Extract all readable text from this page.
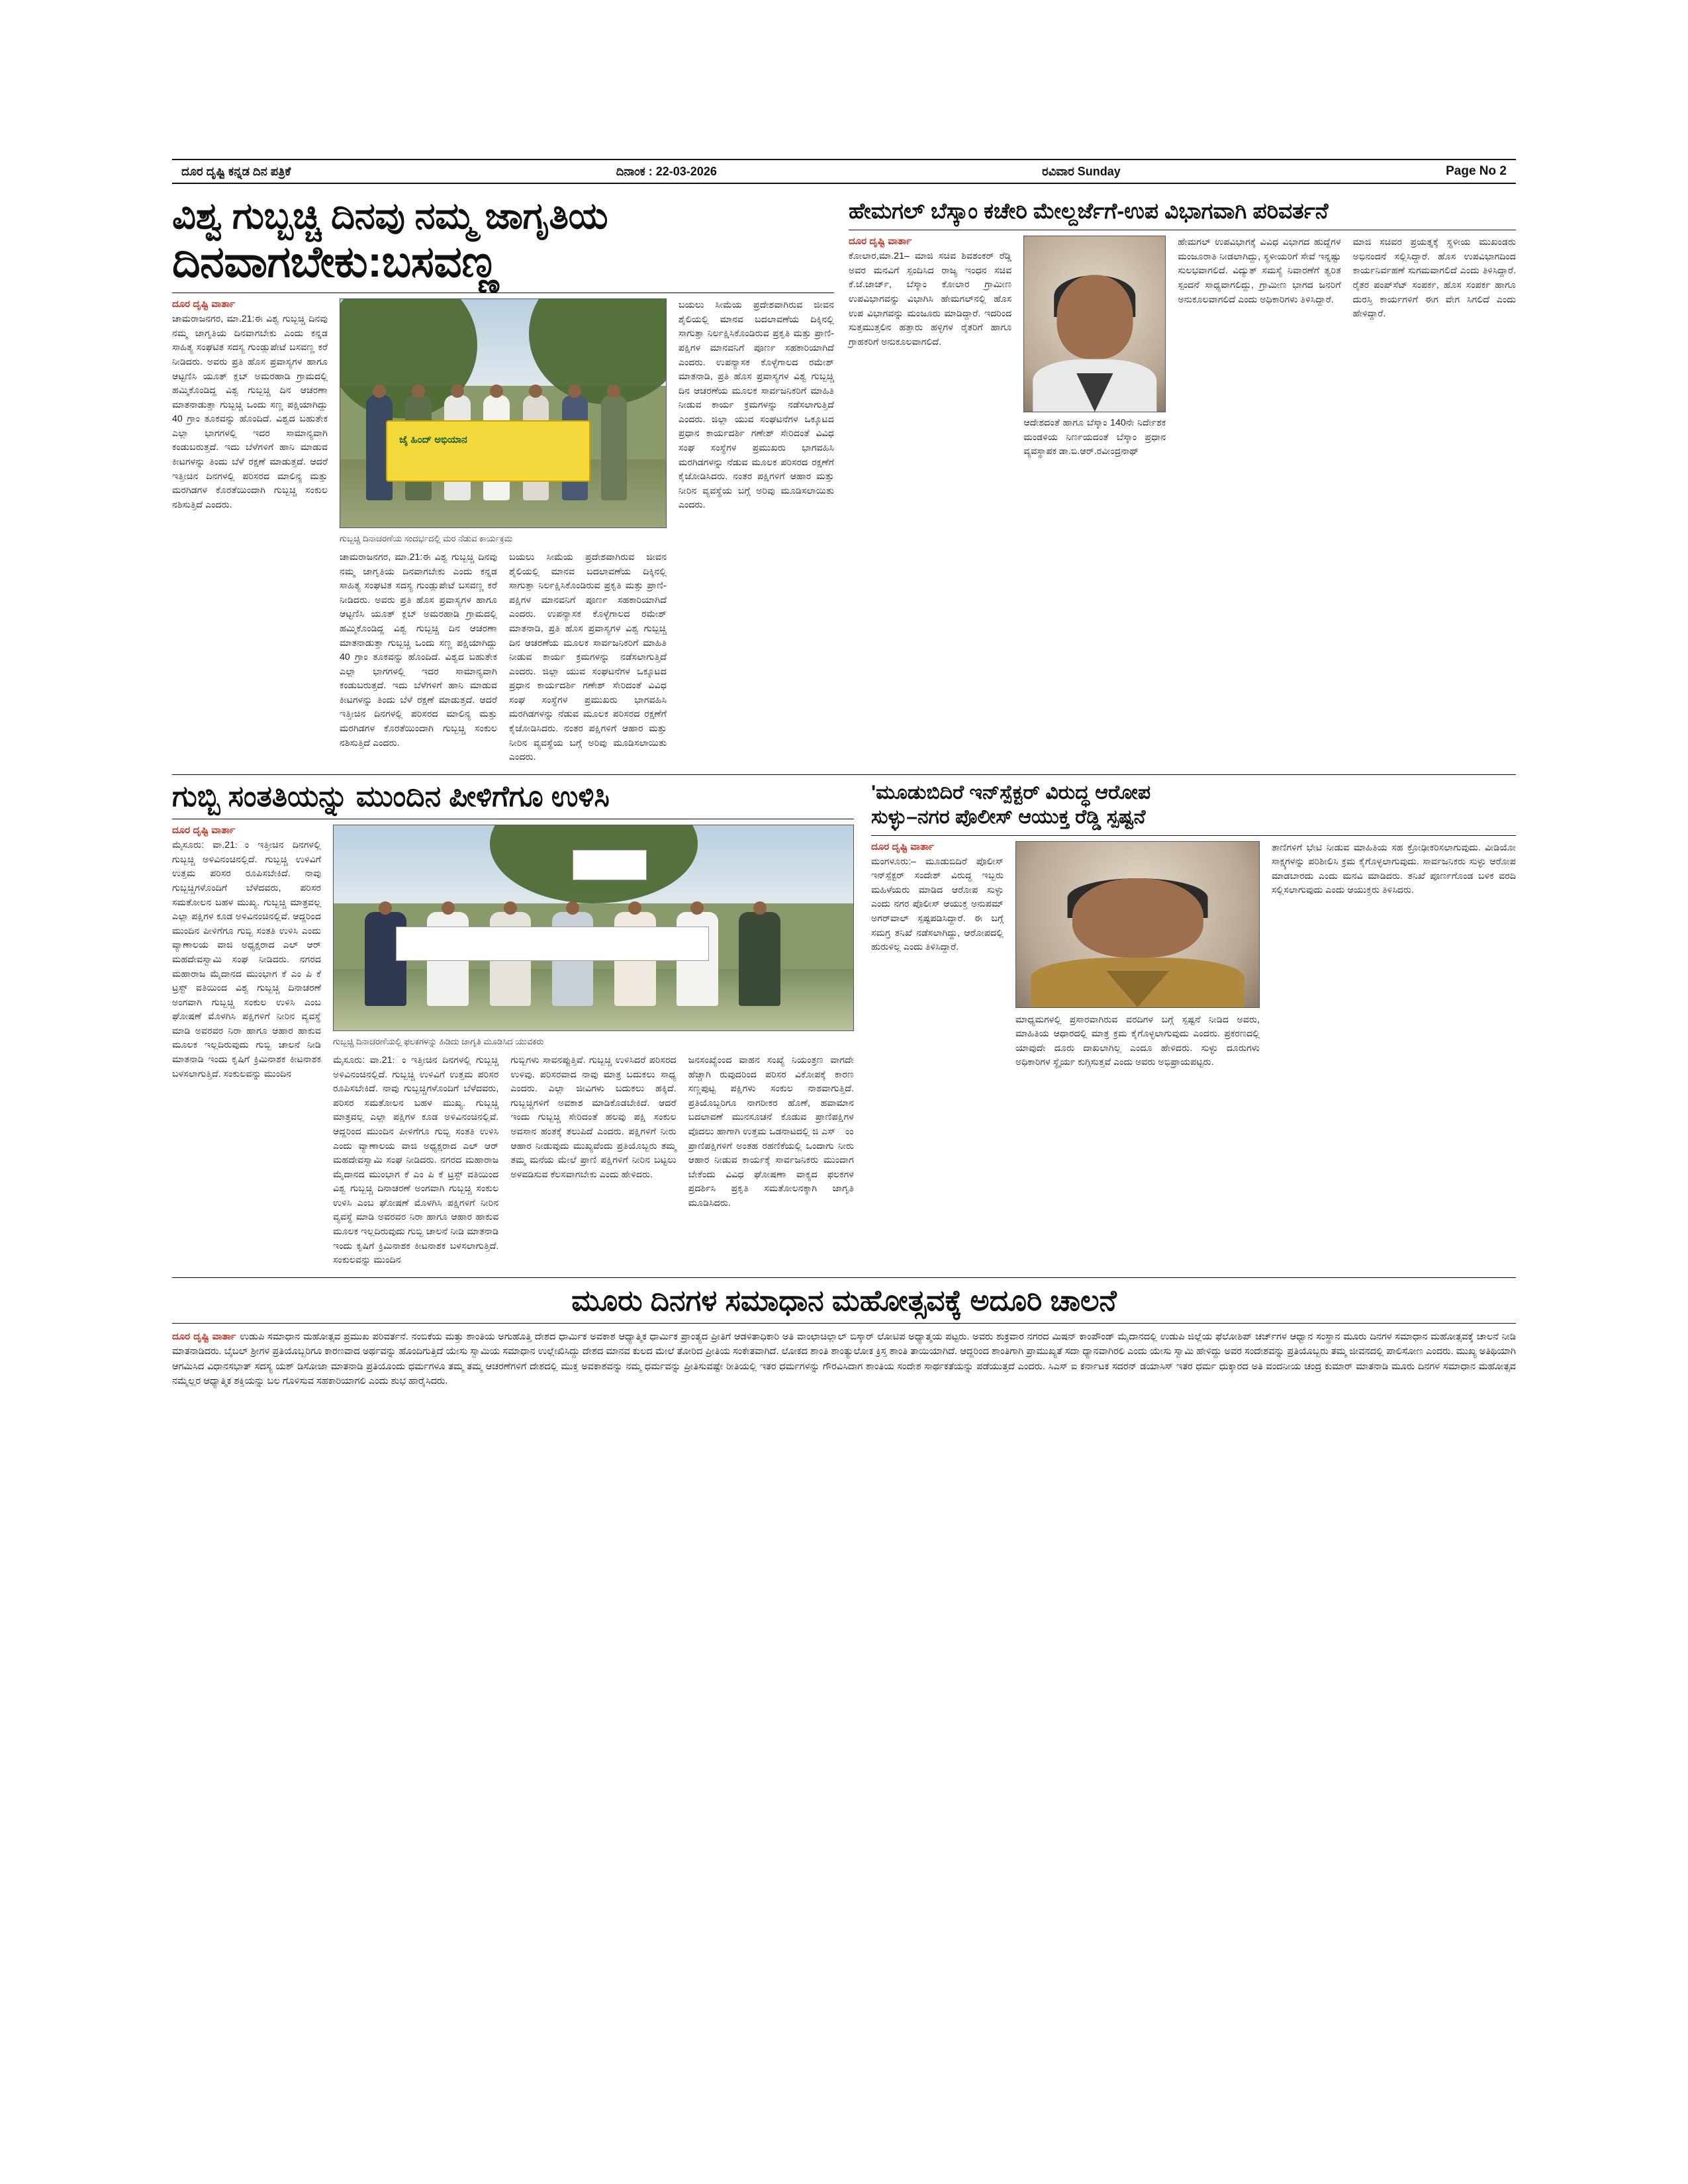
ದೂರ ದೃಷ್ಟಿ ಕನ್ನಡ ದಿನ ಪತ್ರಿಕೆ	ದಿನಾಂಕ : 22-03-2026	ರವಿವಾರ Sunday	Page No 2
ವಿಶ್ವ ಗುಬ್ಬಚ್ಚಿ ದಿನವು ನಮ್ಮ ಜಾಗೃತಿಯ
ದಿನವಾಗಬೇಕು:ಬಸವಣ್ಣ
ದೂರ ದೃಷ್ಟಿ ವಾರ್ತಾ
ಚಾಮರಾಜನಗರ, ಮಾ.21:ಈ ವಿಶ್ವ ಗುಬ್ಬಚ್ಚಿ ದಿನವು ನಮ್ಮ ಜಾಗೃತಿಯ ದಿನವಾಗಬೇಕು ಎಂದು ಕನ್ನಡ ಸಾಹಿತ್ಯ ಸಂಘಟಿತ ಸದಸ್ಯ ಗುಂಡ್ಲುಪೇಟೆ ಬಸವಣ್ಣ ಕರೆ ನೀಡಿದರು. ಅವರು ಪ್ರತಿ ಹೊಸ ಪ್ರವಾಸ್ಯಗಳ ಹಾಗೂ ಆಟ್ಟಣಿಸಿ ಯೂತ್ ಕ್ಲಬ್ ಅಮರಹಾಡಿ ಗ್ರಾಮದಲ್ಲಿ ಹಮ್ಮಿಕೊಂಡಿದ್ದ ವಿಶ್ವ ಗುಬ್ಬಚ್ಚಿ ದಿನ ಆಚರಣಾ ಮಾತನಾಡುತ್ತಾ ಗುಬ್ಬಚ್ಚಿ ಒಂದು ಸಣ್ಣ ಪಕ್ಷಿಯಾಗಿದ್ದು 40 ಗ್ರಾಂ ತೂಕವನ್ನು ಹೊಂದಿದೆ. ವಿಶ್ವದ ಬಹುತೇಕ ಎಲ್ಲಾ ಭಾಗಗಳಲ್ಲಿ ಇದರ ಸಾಮಾನ್ಯವಾಗಿ ಕಂಡುಬರುತ್ತದೆ. ಇದು ಬೆಳೆಗಳಿಗೆ ಹಾನಿ ಮಾಡುವ ಕೀಟಗಳನ್ನು ತಿಂದು ಬೆಳೆ ರಕ್ಷಣೆ ಮಾಡುತ್ತದೆ. ಆದರೆ ಇತ್ತೀಚಿನ ದಿನಗಳಲ್ಲಿ ಪರಿಸರದ ಮಾಲಿನ್ಯ ಮತ್ತು ಮರಗಿಡಗಳ ಕೊರತೆಯಿಂದಾಗಿ ಗುಬ್ಬಚ್ಚಿ ಸಂಕುಲ ನಶಿಸುತ್ತಿದೆ ಎಂದರು.
ಜೈ ಹಿಂದ್ ಅಭಿಯಾನ
ಗುಬ್ಬಚ್ಚಿ ದಿನಾಚರಣೆಯ ಸಂದರ್ಭದಲ್ಲಿ ಮರ ನೆಡುವ ಕಾರ್ಯಕ್ರಮ
ಚಾಮರಾಜನಗರ, ಮಾ.21:ಈ ವಿಶ್ವ ಗುಬ್ಬಚ್ಚಿ ದಿನವು ನಮ್ಮ ಜಾಗೃತಿಯ ದಿನವಾಗಬೇಕು ಎಂದು ಕನ್ನಡ ಸಾಹಿತ್ಯ ಸಂಘಟಿತ ಸದಸ್ಯ ಗುಂಡ್ಲುಪೇಟೆ ಬಸವಣ್ಣ ಕರೆ ನೀಡಿದರು. ಅವರು ಪ್ರತಿ ಹೊಸ ಪ್ರವಾಸ್ಯಗಳ ಹಾಗೂ ಆಟ್ಟಣಿಸಿ ಯೂತ್ ಕ್ಲಬ್ ಅಮರಹಾಡಿ ಗ್ರಾಮದಲ್ಲಿ ಹಮ್ಮಿಕೊಂಡಿದ್ದ ವಿಶ್ವ ಗುಬ್ಬಚ್ಚಿ ದಿನ ಆಚರಣಾ ಮಾತನಾಡುತ್ತಾ ಗುಬ್ಬಚ್ಚಿ ಒಂದು ಸಣ್ಣ ಪಕ್ಷಿಯಾಗಿದ್ದು 40 ಗ್ರಾಂ ತೂಕವನ್ನು ಹೊಂದಿದೆ. ವಿಶ್ವದ ಬಹುತೇಕ ಎಲ್ಲಾ ಭಾಗಗಳಲ್ಲಿ ಇದರ ಸಾಮಾನ್ಯವಾಗಿ ಕಂಡುಬರುತ್ತದೆ. ಇದು ಬೆಳೆಗಳಿಗೆ ಹಾನಿ ಮಾಡುವ ಕೀಟಗಳನ್ನು ತಿಂದು ಬೆಳೆ ರಕ್ಷಣೆ ಮಾಡುತ್ತದೆ. ಆದರೆ ಇತ್ತೀಚಿನ ದಿನಗಳಲ್ಲಿ ಪರಿಸರದ ಮಾಲಿನ್ಯ ಮತ್ತು ಮರಗಿಡಗಳ ಕೊರತೆಯಿಂದಾಗಿ ಗುಬ್ಬಚ್ಚಿ ಸಂಕುಲ ನಶಿಸುತ್ತಿದೆ ಎಂದರು.
ಬಯಲು ಸೀಮೆಯ ಪ್ರದೇಶವಾಗಿರುವ ಜೀವನ ಶೈಲಿಯಲ್ಲಿ ಮಾನವ ಬದಲಾವಣೆಯ ದಿಕ್ಕಿನಲ್ಲಿ ಸಾಗುತ್ತಾ ನಿರ್ಲಕ್ಷಿಸಿಕೊಂಡಿರುವ ಪ್ರಕೃತಿ ಮತ್ತು ಪ್ರಾಣಿ-ಪಕ್ಷಿಗಳ ಮಾನವನಿಗೆ ಪೂರ್ಣ ಸಹಕಾರಿಯಾಗಿದೆ ಎಂದರು. ಉಪನ್ಯಾಸಕ ಕೊಳ್ಳೆಗಾಲದ ರಮೇಶ್ ಮಾತನಾಡಿ, ಪ್ರತಿ ಹೊಸ ಪ್ರವಾಸ್ಯಗಳ ವಿಶ್ವ ಗುಬ್ಬಚ್ಚಿ ದಿನ ಆಚರಣೆಯ ಮೂಲಕ ಸಾರ್ವಜನಿಕರಿಗೆ ಮಾಹಿತಿ ನೀಡುವ ಕಾರ್ಯ ಕ್ರಮಗಳನ್ನು ನಡೆಸಲಾಗುತ್ತಿದೆ ಎಂದರು. ಜಿಲ್ಲಾ ಯುವ ಸಂಘಟನೆಗಳ ಒಕ್ಕೂಟದ ಪ್ರಧಾನ ಕಾರ್ಯದರ್ಶಿ ಗಣೇಶ್ ಸೇರಿದಂತೆ ವಿವಿಧ ಸಂಘ ಸಂಸ್ಥೆಗಳ ಪ್ರಮುಖರು ಭಾಗವಹಿಸಿ ಮರಗಿಡಗಳನ್ನು ನೆಡುವ ಮೂಲಕ ಪರಿಸರದ ರಕ್ಷಣೆಗೆ ಕೈಜೋಡಿಸಿದರು. ನಂತರ ಪಕ್ಷಿಗಳಿಗೆ ಆಹಾರ ಮತ್ತು ನೀರಿನ ವ್ಯವಸ್ಥೆಯ ಬಗ್ಗೆ ಅರಿವು ಮೂಡಿಸಲಾಯಿತು ಎಂದರು.
ಬಯಲು ಸೀಮೆಯ ಪ್ರದೇಶವಾಗಿರುವ ಜೀವನ ಶೈಲಿಯಲ್ಲಿ ಮಾನವ ಬದಲಾವಣೆಯ ದಿಕ್ಕಿನಲ್ಲಿ ಸಾಗುತ್ತಾ ನಿರ್ಲಕ್ಷಿಸಿಕೊಂಡಿರುವ ಪ್ರಕೃತಿ ಮತ್ತು ಪ್ರಾಣಿ-ಪಕ್ಷಿಗಳ ಮಾನವನಿಗೆ ಪೂರ್ಣ ಸಹಕಾರಿಯಾಗಿದೆ ಎಂದರು. ಉಪನ್ಯಾಸಕ ಕೊಳ್ಳೆಗಾಲದ ರಮೇಶ್ ಮಾತನಾಡಿ, ಪ್ರತಿ ಹೊಸ ಪ್ರವಾಸ್ಯಗಳ ವಿಶ್ವ ಗುಬ್ಬಚ್ಚಿ ದಿನ ಆಚರಣೆಯ ಮೂಲಕ ಸಾರ್ವಜನಿಕರಿಗೆ ಮಾಹಿತಿ ನೀಡುವ ಕಾರ್ಯ ಕ್ರಮಗಳನ್ನು ನಡೆಸಲಾಗುತ್ತಿದೆ ಎಂದರು. ಜಿಲ್ಲಾ ಯುವ ಸಂಘಟನೆಗಳ ಒಕ್ಕೂಟದ ಪ್ರಧಾನ ಕಾರ್ಯದರ್ಶಿ ಗಣೇಶ್ ಸೇರಿದಂತೆ ವಿವಿಧ ಸಂಘ ಸಂಸ್ಥೆಗಳ ಪ್ರಮುಖರು ಭಾಗವಹಿಸಿ ಮರಗಿಡಗಳನ್ನು ನೆಡುವ ಮೂಲಕ ಪರಿಸರದ ರಕ್ಷಣೆಗೆ ಕೈಜೋಡಿಸಿದರು. ನಂತರ ಪಕ್ಷಿಗಳಿಗೆ ಆಹಾರ ಮತ್ತು ನೀರಿನ ವ್ಯವಸ್ಥೆಯ ಬಗ್ಗೆ ಅರಿವು ಮೂಡಿಸಲಾಯಿತು ಎಂದರು.
ಹೇಮಗಲ್ ಬೆಸ್ಕಾಂ ಕಚೇರಿ ಮೇಲ್ದರ್ಜೆಗೆ-ಉಪ ವಿಭಾಗವಾಗಿ ಪರಿವರ್ತನೆ
ದೂರ ದೃಷ್ಟಿ ವಾರ್ತಾ
ಕೋಲಾರ,ಮಾ.21– ಮಾಜಿ ಸಚಿವ ಶಿವಶಂಕರ್ ರೆಡ್ಡಿ ಅವರ ಮನವಿಗೆ ಸ್ಪಂದಿಸಿದ ರಾಜ್ಯ ಇಂಧನ ಸಚಿವ ಕೆ.ಜೆ.ಜಾರ್ಜ್, ಬೆಸ್ಕಾಂ ಕೋಲಾರ ಗ್ರಾಮೀಣ ಉಪವಿಭಾಗವನ್ನು ವಿಭಾಗಿಸಿ ಹೇಮಗಲ್‌ನಲ್ಲಿ ಹೊಸ ಉಪ ವಿಭಾಗವನ್ನು ಮಂಜೂರು ಮಾಡಿದ್ದಾರೆ. ಇದರಿಂದ ಸುತ್ತಮುತ್ತಲಿನ ಹತ್ತಾರು ಹಳ್ಳಿಗಳ ರೈತರಿಗೆ ಹಾಗೂ ಗ್ರಾಹಕರಿಗೆ ಅನುಕೂಲವಾಗಲಿದೆ.
ಆದೇಶದಂತೆ ಹಾಗೂ ಬೆಸ್ಕಾಂ 140ನೇ ನಿರ್ದೇಶಕ ಮಂಡಳಿಯ ನಿರ್ಣಯದಂತೆ ಬೆಸ್ಕಾಂ ಪ್ರಧಾನ ವ್ಯವಸ್ಥಾಪಕ ಡಾ.ಬಿ.ಆರ್.ರವೀಂದ್ರನಾಥ್
ಹೇಮಗಲ್ ಉಪವಿಭಾಗಕ್ಕೆ ವಿವಿಧ ವಿಭಾಗದ ಹುದ್ದೆಗಳ ಮಂಜೂರಾತಿ ನೀಡಲಾಗಿದ್ದು, ಸ್ಥಳೀಯರಿಗೆ ಸೇವೆ ಇನ್ನಷ್ಟು ಸುಲಭವಾಗಲಿದೆ. ವಿದ್ಯುತ್ ಸಮಸ್ಯೆ ನಿವಾರಣೆಗೆ ತ್ವರಿತ ಸ್ಪಂದನೆ ಸಾಧ್ಯವಾಗಲಿದ್ದು, ಗ್ರಾಮೀಣ ಭಾಗದ ಜನರಿಗೆ ಅನುಕೂಲವಾಗಲಿದೆ ಎಂದು ಅಧಿಕಾರಿಗಳು ತಿಳಿಸಿದ್ದಾರೆ.
ಮಾಜಿ ಸಚಿವರ ಪ್ರಯತ್ನಕ್ಕೆ ಸ್ಥಳೀಯ ಮುಖಂಡರು ಅಭಿನಂದನೆ ಸಲ್ಲಿಸಿದ್ದಾರೆ. ಹೊಸ ಉಪವಿಭಾಗದಿಂದ ಕಾರ್ಯನಿರ್ವಹಣೆ ಸುಗಮವಾಗಲಿದೆ ಎಂದು ತಿಳಿಸಿದ್ದಾರೆ. ರೈತರ ಪಂಪ್‌ಸೆಟ್ ಸಂಪರ್ಕ, ಹೊಸ ಸಂಪರ್ಕ ಹಾಗೂ ದುರಸ್ತಿ ಕಾರ್ಯಗಳಿಗೆ ಈಗ ವೇಗ ಸಿಗಲಿದೆ ಎಂದು ಹೇಳಿದ್ದಾರೆ.
ಗುಬ್ಬಿ ಸಂತತಿಯನ್ನು ಮುಂದಿನ ಪೀಳಿಗೆಗೂ ಉಳಿಸಿ
ದೂರ ದೃಷ್ಟಿ ವಾರ್ತಾ
ಮೈಸೂರು: ವಾ.21:ಂ ಇತ್ತೀಚಿನ ದಿನಗಳಲ್ಲಿ ಗುಬ್ಬಚ್ಚಿ ಅಳಿವಿನಂಚಿನಲ್ಲಿದೆ. ಗುಬ್ಬಚ್ಚಿ ಉಳಿವಿಗೆ ಉತ್ತಮ ಪರಿಸರ ರೂಪಿಸಬೇಕಿದೆ. ನಾವು ಗುಬ್ಬಚ್ಚಿಗಳೊಂದಿಗೆ ಬೆಳೆದವರು, ಪರಿಸರ ಸಮತೋಲನ ಬಹಳ ಮುಖ್ಯ. ಗುಬ್ಬಚ್ಚಿ ಮಾತ್ರವಲ್ಲ ಎಲ್ಲಾ ಪಕ್ಷಿಗಳ ಕೂಡ ಅಳಿವಿನಂಚಿನಲ್ಲಿವೆ. ಆದ್ದರಿಂದ ಮುಂದಿನ ಪೀಳಿಗೆಗೂ ಗುಬ್ಬಿ ಸಂತತಿ ಉಳಿಸಿ ಎಂದು ವ್ಯಾಣಾಲಯ ವಾಜಿ ಅಧ್ಯಕ್ಷರಾದ ಎಲ್ ಆರ್ ಮಹದೇವಸ್ವಾಮಿ ಸಂಘ ನೀಡಿದರು. ನಗರದ ಮಹಾರಾಜ ಮೈದಾನದ ಮುಂಭಾಗ ಕೆ ಎಂ ಪಿ ಕೆ ಟ್ರಸ್ಟ್ ವತಿಯಿಂದ ವಿಶ್ವ ಗುಬ್ಬಚ್ಚಿ ದಿನಾಚರಣೆ ಅಂಗವಾಗಿ ಗುಬ್ಬಚ್ಚಿ ಸಂಕುಲ ಉಳಿಸಿ ಎಂಬ ಘೋಷಣೆ ಮೊಳಗಿಸಿ ಪಕ್ಷಿಗಳಿಗೆ ನೀರಿನ ವ್ಯವಸ್ಥೆ ಮಾಡಿ ಅವರವರ ನಿರಾ ಹಾಗೂ ಆಹಾರ ಹಾಕುವ ಮೂಲಕ ಇಲ್ಲದಿರುವುದು ಗುಬ್ಬಿ ಚಾಲನೆ ನೀಡಿ ಮಾತನಾಡಿ ಇಂದು ಕೃಷಿಗೆ ಕ್ರಿಮಿನಾಶಕ ಕೀಟನಾಶಕ ಬಳಸಲಾಗುತ್ತಿದೆ. ಸಂಕುಲವನ್ನು ಮುಂದಿನ
ಗುಬ್ಬಚ್ಚಿ ದಿನಾಚರಣೆಯಲ್ಲಿ ಫಲಕಗಳನ್ನು ಹಿಡಿದು ಜಾಗೃತಿ ಮೂಡಿಸಿದ ಯುವಕರು
ಮೈಸೂರು: ವಾ.21:ಂ ಇತ್ತೀಚಿನ ದಿನಗಳಲ್ಲಿ ಗುಬ್ಬಚ್ಚಿ ಅಳಿವಿನಂಚಿನಲ್ಲಿದೆ. ಗುಬ್ಬಚ್ಚಿ ಉಳಿವಿಗೆ ಉತ್ತಮ ಪರಿಸರ ರೂಪಿಸಬೇಕಿದೆ. ನಾವು ಗುಬ್ಬಚ್ಚಿಗಳೊಂದಿಗೆ ಬೆಳೆದವರು, ಪರಿಸರ ಸಮತೋಲನ ಬಹಳ ಮುಖ್ಯ. ಗುಬ್ಬಚ್ಚಿ ಮಾತ್ರವಲ್ಲ ಎಲ್ಲಾ ಪಕ್ಷಿಗಳ ಕೂಡ ಅಳಿವಿನಂಚಿನಲ್ಲಿವೆ. ಆದ್ದರಿಂದ ಮುಂದಿನ ಪೀಳಿಗೆಗೂ ಗುಬ್ಬಿ ಸಂತತಿ ಉಳಿಸಿ ಎಂದು ವ್ಯಾಣಾಲಯ ವಾಜಿ ಅಧ್ಯಕ್ಷರಾದ ಎಲ್ ಆರ್ ಮಹದೇವಸ್ವಾಮಿ ಸಂಘ ನೀಡಿದರು. ನಗರದ ಮಹಾರಾಜ ಮೈದಾನದ ಮುಂಭಾಗ ಕೆ ಎಂ ಪಿ ಕೆ ಟ್ರಸ್ಟ್ ವತಿಯಿಂದ ವಿಶ್ವ ಗುಬ್ಬಚ್ಚಿ ದಿನಾಚರಣೆ ಅಂಗವಾಗಿ ಗುಬ್ಬಚ್ಚಿ ಸಂಕುಲ ಉಳಿಸಿ ಎಂಬ ಘೋಷಣೆ ಮೊಳಗಿಸಿ ಪಕ್ಷಿಗಳಿಗೆ ನೀರಿನ ವ್ಯವಸ್ಥೆ ಮಾಡಿ ಅವರವರ ನಿರಾ ಹಾಗೂ ಆಹಾರ ಹಾಕುವ ಮೂಲಕ ಇಲ್ಲದಿರುವುದು ಗುಬ್ಬಿ ಚಾಲನೆ ನೀಡಿ ಮಾತನಾಡಿ ಇಂದು ಕೃಷಿಗೆ ಕ್ರಿಮಿನಾಶಕ ಕೀಟನಾಶಕ ಬಳಸಲಾಗುತ್ತಿದೆ. ಸಂಕುಲವನ್ನು ಮುಂದಿನ
ಗುಬ್ಬಿಗಳು ಸಾವನಪ್ಪುತ್ತಿವೆ. ಗುಬ್ಬಚ್ಚಿ ಉಳಿಸಿದರೆ ಪರಿಸರದ ಉಳಿವು. ಪರಿಸರವಾದ ನಾವು ಮಾತ್ರ ಬದುಕಲು ಸಾಧ್ಯ ಎಂದರು. ಎಲ್ಲಾ ಜೀವಿಗಳು ಬದುಕಲು ಹಕ್ಕಿದೆ. ಗುಬ್ಬಚ್ಚಿಗಳಿಗೆ ಅವಕಾಶ ಮಾಡಿಕೊಡಬೇಕಿದೆ. ಆದರೆ ಇಂದು ಗುಬ್ಬಚ್ಚಿ ಸೇರಿದಂತೆ ಹಲವು ಪಕ್ಷಿ ಸಂಕುಲ ಅವಸಾನ ಹಂತಕ್ಕೆ ತಲುಪಿದೆ ಎಂದರು. ಪಕ್ಷಿಗಳಿಗೆ ನೀರು ಆಹಾರ ನೀಡುವುದು ಮುಖ್ಯವೆಂದು ಪ್ರತಿಯೊಬ್ಬರು ತಮ್ಮ ತಮ್ಮ ಮನೆಯ ಮೇಲೆ ಪ್ರಾಣಿ ಪಕ್ಷಿಗಳಿಗೆ ನೀರಿನ ಬಟ್ಟಲು ಅಳವಡಿಸುವ ಕೆಲಸವಾಗಬೇಕು ಎಂದು ಹೇಳಿದರು.
ಜನಸಂಖ್ಯೆಂಂದ ವಾಹನ ಸಂಖ್ಯೆ ನಿಯಂತ್ರಣ ವಾಗದೇ ಹೆಚ್ಚಾಗಿ ರುವುದರಿಂದ ಪರಿಸರ ವಿಕೋಪಕ್ಕೆ ಕಾರಣ ಸಣ್ಣಪುಟ್ಟ ಪಕ್ಷಿಗಳು ಸಂಕುಲ ನಾಶವಾಗುತ್ತಿದೆ. ಪ್ರತಿಯೊಬ್ಬರಿಗೂ ನಾಗರೀಕರ ಹೊಣೆ, ಹವಾಮಾನ ಬದಲಾವಣೆ ಮುನಸೂಚನೆ ಕೊಡುವ ಪ್ರಾಣಿಪಕ್ಷಿಗಳ ವೊದಲು ಹಾಗಾಗಿ ಉತ್ತಮ ಒಡನಾಟದಲ್ಲಿ ಜಿ ಎಸ್ ಂಂ ಪ್ರಾಣಿಪಕ್ಷಿಗಳಿಗೆ ಅಂತಹ ರಹಣಿಕೆಯಲ್ಲಿ ಒಂದಾಗು ನೀರು ಆಹಾರ ನೀಡುವ ಕಾರ್ಯಕ್ಕೆ ಸಾರ್ವಜನಿಕರು ಮುಂದಾಗ ಬೇಕೆಂದು ವಿವಿಧ ಘೋಷಣಾ ವಾಕ್ಯದ ಫಲಕಗಳ ಪ್ರದರ್ಶಿಸಿ ಪ್ರಕೃತಿ ಸಮತೋಲನಕ್ಕಾಗಿ ಜಾಗೃತಿ ಮೂಡಿಸಿದರು.
'ಮೂಡುಬಿದಿರೆ ಇನ್‌ಸ್ಪೆಕ್ಟರ್ ವಿರುದ್ಧ ಆರೋಪ
ಸುಳ್ಳು–ನಗರ ಪೊಲೀಸ್ ಆಯುಕ್ತ ರೆಡ್ಡಿ ಸ್ಪಷ್ಟನೆ
ದೂರ ದೃಷ್ಟಿ ವಾರ್ತಾ
ಮಂಗಳೂರು:– ಮೂಡುಬಿದಿರೆ ಪೊಲೀಸ್ ಇನ್‌ಸ್ಪೆಕ್ಟರ್ ಸಂದೇಶ್ ವಿರುದ್ಧ ಇಬ್ಬರು ಮಹಿಳೆಯರು ಮಾಡಿದ ಆರೋಪ ಸುಳ್ಳು ಎಂದು ನಗರ ಪೊಲೀಸ್ ಆಯುಕ್ತ ಅನುಪಮ್ ಅಗರ್‌ವಾಲ್ ಸ್ಪಷ್ಟಪಡಿಸಿದ್ದಾರೆ. ಈ ಬಗ್ಗೆ ಸಮಗ್ರ ತನಿಖೆ ನಡೆಸಲಾಗಿದ್ದು, ಆರೋಪದಲ್ಲಿ ಹುರುಳಿಲ್ಲ ಎಂದು ತಿಳಿಸಿದ್ದಾರೆ.
ಮಾಧ್ಯಮಗಳಲ್ಲಿ ಪ್ರಸಾರವಾಗಿರುವ ವರದಿಗಳ ಬಗ್ಗೆ ಸ್ಪಷ್ಟನೆ ನೀಡಿದ ಅವರು, ಮಾಹಿತಿಯ ಆಧಾರದಲ್ಲಿ ಮಾತ್ರ ಕ್ರಮ ಕೈಗೊಳ್ಳಲಾಗುವುದು ಎಂದರು. ಪ್ರಕರಣದಲ್ಲಿ ಯಾವುದೇ ದೂರು ದಾಖಲಾಗಿಲ್ಲ ಎಂದೂ ಹೇಳಿದರು. ಸುಳ್ಳು ದೂರುಗಳು ಅಧಿಕಾರಿಗಳ ಸ್ಥೈರ್ಯ ಕುಗ್ಗಿಸುತ್ತವೆ ಎಂದು ಅವರು ಅಭಿಪ್ರಾಯಪಟ್ಟರು.
ತಾಣಿಗಳಿಗೆ ಭೇಟಿ ನೀಡುವ ಮಾಹಿತಿಯ ಸಹ ಕ್ರೋಢೀಕರಿಸಲಾಗುವುದು. ವೀಡಿಯೋ ಸಾಕ್ಷ್ಯಗಳನ್ನು ಪರಿಶೀಲಿಸಿ ಕ್ರಮ ಕೈಗೊಳ್ಳಲಾಗುವುದು. ಸಾರ್ವಜನಿಕರು ಸುಳ್ಳು ಆರೋಪ ಮಾಡಬಾರದು ಎಂದು ಮನವಿ ಮಾಡಿದರು. ತನಿಖೆ ಪೂರ್ಣಗೊಂಡ ಬಳಿಕ ವರದಿ ಸಲ್ಲಿಸಲಾಗುವುದು ಎಂದು ಆಯುಕ್ತರು ತಿಳಿಸಿದರು.
ಮೂರು ದಿನಗಳ ಸಮಾಧಾನ ಮಹೋತ್ಸವಕ್ಕೆ ಅದೂರಿ ಚಾಲನೆ
ದೂರ ದೃಷ್ಟಿ ವಾರ್ತಾ ಉಡುಪಿ ಸಮಾಧಾನ ಮಹೋತ್ಸವ ಪ್ರಮುಖ ಪರಿವರ್ತನೆ. ನಂಬಿಕೆಯ ಮತ್ತು ಶಾಂತಿಯ ಅಗುಹೊತ್ತಿ ದೇಶದ ಧಾರ್ಮಿಕ ಅವಕಾಶ ಆಧ್ಯಾತ್ಮಿಕ ಧಾರ್ಮಿಕ ಪ್ರಾಂತ್ಯದ ಪ್ರೀತಿಗೆ ಆಡಳಿತಾಧಿಕಾರಿ ಅತಿ ವಾಂಛಾಚಿಲ್ಲಾಲ್ ಬಿಸ್ಕಾರ್ ಲೋಟಿಪ ಅಧ್ಯಾತ್ಮಯ ಪಟ್ಟರು. ಅವರು ಶುಕ್ರವಾರ ನಗರದ ಮಿಷನ್ ಕಾಂಪೌಂಡ್ ಮೈದಾನದಲ್ಲಿ ಉಡುಪಿ ಜಿಲ್ಲೆಯ ಫೆಲೋಶಿಪ್ ಚರ್ಚ್‌ಗಳ ಆಧ್ವಾನ ಸಂಸ್ಥಾನ ಮೂರು ದಿನಗಳ ಸಮಾಧಾನ ಮಹೋತ್ಸವಕ್ಕೆ ಚಾಲನೆ ನೀಡಿ ಮಾತನಾಡಿದರು. ಬೈಬಲ್ ಶ್ರೀಗಳ ಪ್ರತಿಯೊಬ್ಬರಿಗೂ ಕಾರಣವಾದ ಅರ್ಥವನ್ನು ಹೊಂದಿಗುತ್ತಿದೆ ಯೇಸು ಸ್ವಾಮಿಯ ಸಮಾಧಾನ ಉಲ್ಲೇಖಿಸಿದ್ದು ದೇಶದ ಮಾನವ ಕುಲದ ಮೇಲೆ ತೋರಿದ ಪ್ರೀತಿಯ ಸಂಕೇತವಾಗಿದೆ. ಲೋಕದ ಶಾಂತಿ ಶಾಂತ್ಯುಲೋಕ ಕ್ರಿಸ್ತ ಶಾಂತಿ ತಾಯಿಯಾಗಿದೆ. ಆದ್ದರಿಂದ ಶಾಂತಿಗಾಗಿ ಪ್ರಾಮುಖ್ಯತೆ ಸದಾ ಧ್ಯಾನವಾಗಿರಲಿ ಎಂದು ಯೇಸು ಸ್ವಾಮಿ ಹೇಳಿದ್ದು ಅವರ ಸಂದೇಶವನ್ನು ಪ್ರತಿಯೊಬ್ಬರು ತಮ್ಮ ಜೀವನದಲ್ಲಿ ಪಾಲಿಸೋಣ ಎಂದರು. ಮುಖ್ಯ ಅತಿಥಿಯಾಗಿ ಆಗಮಿಸಿದ ವಿಧಾನಸಭಾತ್ ಸದಸ್ಯ ಯಶ್ ಡಿಸೋಜಾ ಮಾತನಾಡಿ ಪ್ರತಿಯೊಂದು ಧರ್ಮಗಳೂ ತಮ್ಮ ತಮ್ಮ ಆಚರಣೆಗಳಿಗೆ ದೇಶದಲ್ಲಿ ಮುಕ್ತ ಅವಕಾಶವನ್ನು ನಮ್ಮ ಧರ್ಮವನ್ನು ಪ್ರೀತಿಸುವಷ್ಟೇ ರೀತಿಯಲ್ಲಿ ಇತರ ಧರ್ಮಗಳನ್ನು ಗೌರವಿಸಿದಾಗ ಶಾಂತಿಯ ಸಂದೇಶ ಸಾರ್ಥಕತೆಯನ್ನು ಪಡೆಯುತ್ತದೆ ಎಂದರು. ಸಿಎಸ್ ಐ ಕರ್ನಾಟಕ ಸದರನ್ ಡಯಾಸಿಸ್ ಇತರ ಧರ್ಮ ಧುಕ್ಕಾರದ ಅತಿ ವಂದನೀಯ ಚಂದ್ರ ಕುಮಾರ್ ಮಾತನಾಡಿ ಮೂರು ದಿನಗಳ ಸಮಾಧಾನ ಮಹೋತ್ಸವ ನಮ್ಮೆಲ್ಲರ ಆಧ್ಯಾತ್ಮಿಕ ಶಕ್ತಿಯನ್ನು ಬಲ ಗೊಳಿಸುವ ಸಹಕಾರಿಯಾಗಲಿ ಎಂದು ಶುಭ ಹಾರೈಸಿದರು.
